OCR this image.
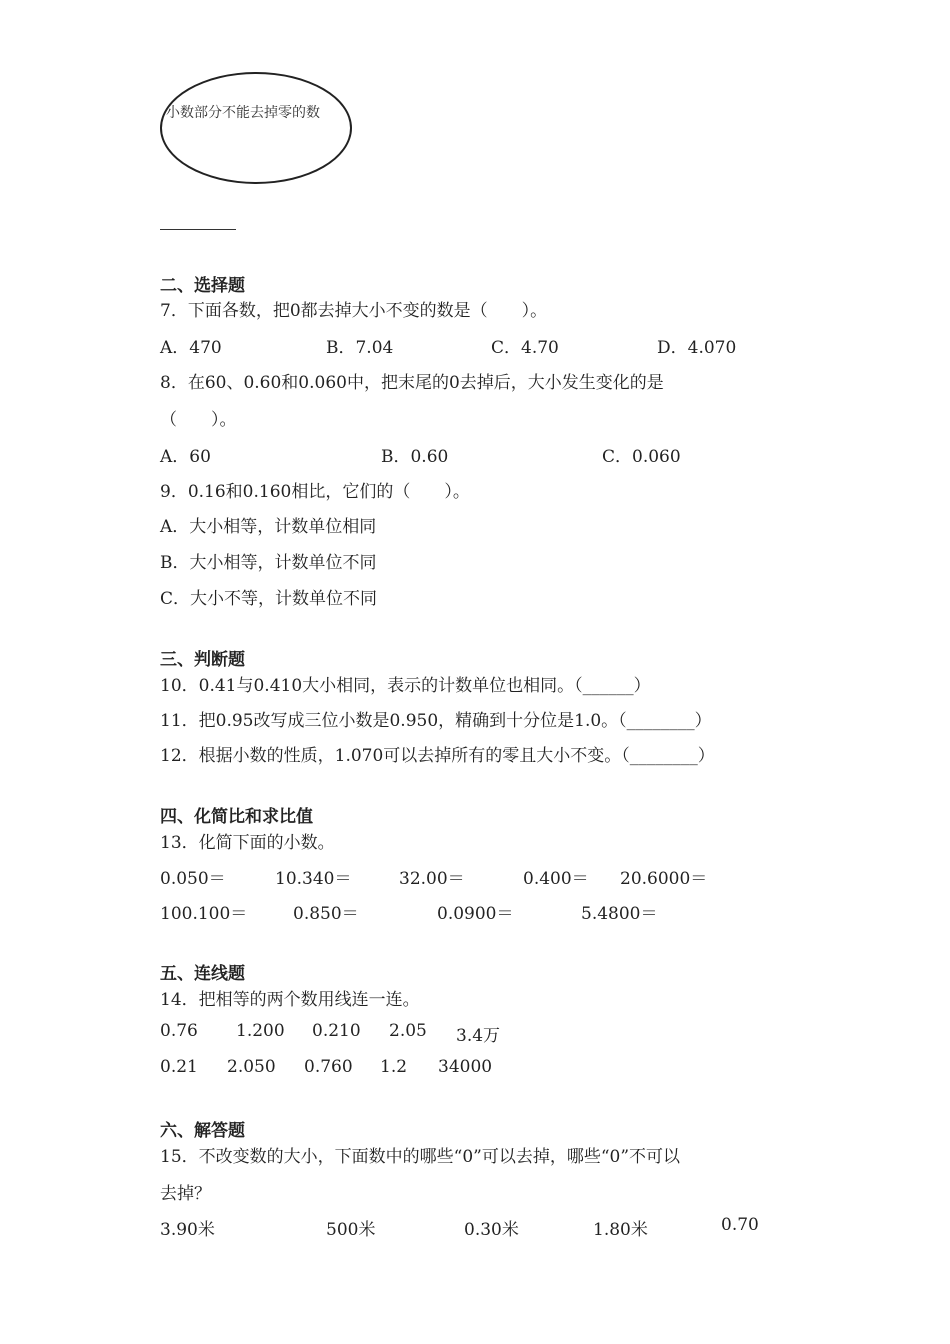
小数部分不能去掉零的数
二、选择题
7．下面各数，把0都去掉大小不变的数是（　　）。
A．470	B．7.04	C．4.70	D．4.070
8．在60、0.60和0.060中，把末尾的0去掉后，大小发生变化的是
（　　）。
A．60	B．0.60	C．0.060
9．0.16和0.160相比，它们的（　　）。
A．大小相等，计数单位相同
B．大小相等，计数单位不同
C．大小不等，计数单位不同
三、判断题
10．0.41与0.410大小相同，表示的计数单位也相同。（______）
11．把0.95改写成三位小数是0.950，精确到十分位是1.0。（________）
12．根据小数的性质，1.070可以去掉所有的零且大小不变。（________）
四、化简比和求比值
13．化简下面的小数。
0.050＝	10.340＝	32.00＝	0.400＝ 20.6000＝
100.100＝	0.850＝	0.0900＝	5.4800＝
五、连线题
14．把相等的两个数用线连一连。
0.76 1.200 0.210 2.05 3.4万
0.21 2.050 0.760 1.2 34000
六、解答题
15．不改变数的大小，下面数中的哪些“0”可以去掉，哪些“0”不可以
去掉？
3.90米	500米	0.30米	1.80米	0.70
